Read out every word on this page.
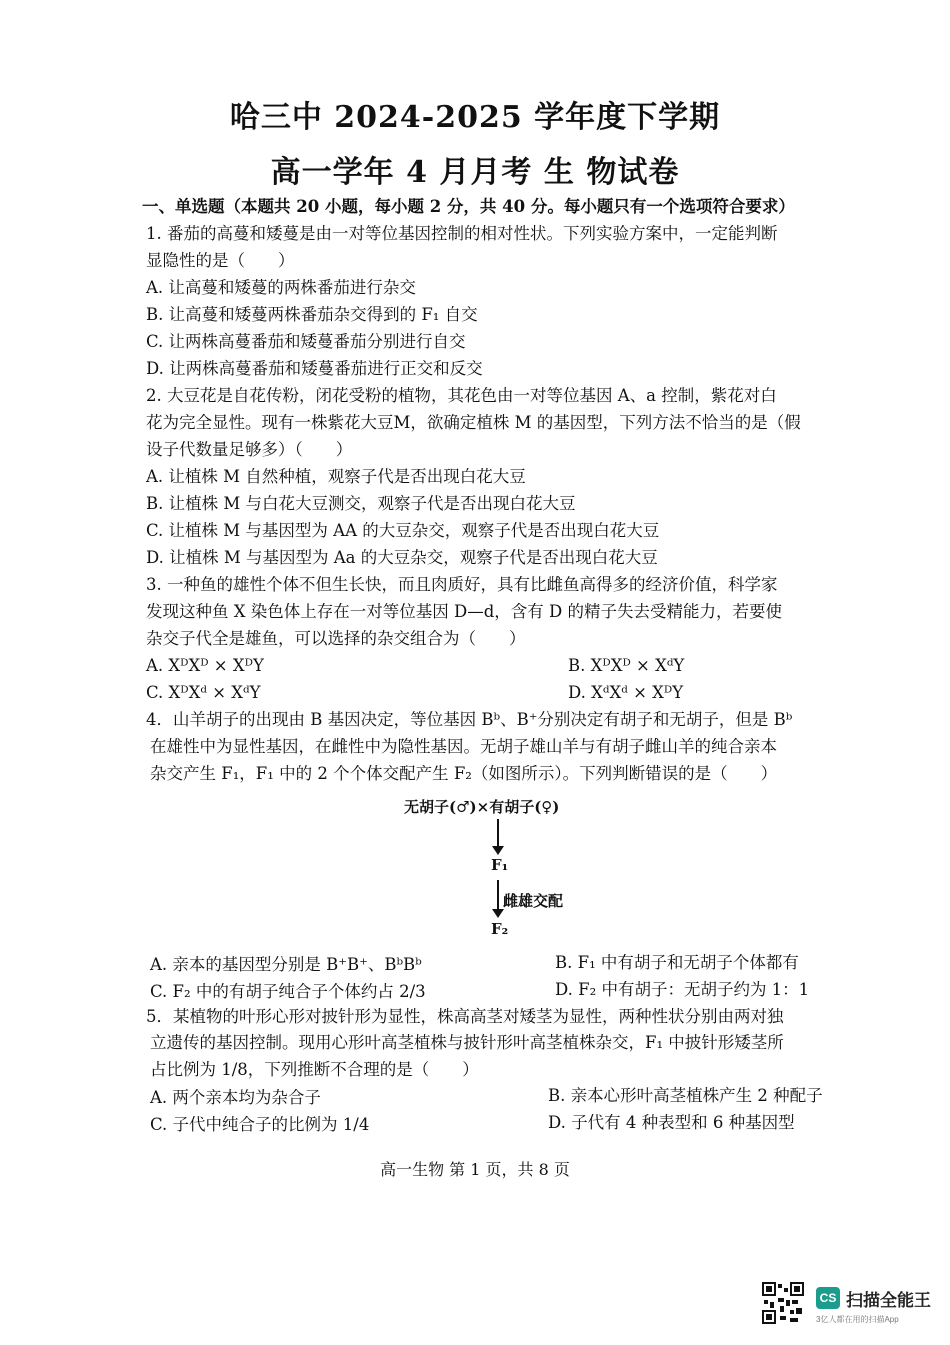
哈三中 2024-2025 学年度下学期
高一学年 4 月月考 生 物试卷
一、单选题（本题共 20 小题，每小题 2 分，共 40 分。每小题只有一个选项符合要求）
1. 番茄的高蔓和矮蔓是由一对等位基因控制的相对性状。下列实验方案中，一定能判断
显隐性的是（　　）
A. 让高蔓和矮蔓的两株番茄进行杂交
B. 让高蔓和矮蔓两株番茄杂交得到的 F₁ 自交
C. 让两株高蔓番茄和矮蔓番茄分别进行自交
D. 让两株高蔓番茄和矮蔓番茄进行正交和反交
2. 大豆花是自花传粉，闭花受粉的植物，其花色由一对等位基因 A、a 控制，紫花对白
花为完全显性。现有一株紫花大豆M，欲确定植株 M 的基因型，下列方法不恰当的是（假
设子代数量足够多）（　　）
A. 让植株 M 自然种植，观察子代是否出现白花大豆
B. 让植株 M 与白花大豆测交，观察子代是否出现白花大豆
C. 让植株 M 与基因型为 AA 的大豆杂交，观察子代是否出现白花大豆
D. 让植株 M 与基因型为 Aa 的大豆杂交，观察子代是否出现白花大豆
3. 一种鱼的雄性个体不但生长快，而且肉质好，具有比雌鱼高得多的经济价值，科学家
发现这种鱼 X 染色体上存在一对等位基因 D—d，含有 D 的精子失去受精能力，若要使
杂交子代全是雄鱼，可以选择的杂交组合为（　　）
A. XᴰXᴰ × XᴰY	B. XᴰXᴰ × XᵈY
C. XᴰXᵈ × XᵈY	D. XᵈXᵈ × XᴰY
4．山羊胡子的出现由 B 基因决定，等位基因 Bᵇ、B⁺分别决定有胡子和无胡子，但是 Bᵇ
在雄性中为显性基因，在雌性中为隐性基因。无胡子雄山羊与有胡子雌山羊的纯合亲本
杂交产生 F₁，F₁ 中的 2 个个体交配产生 F₂（如图所示）。下列判断错误的是（　　）
无胡子(♂)×有胡子(♀)
F₁
雌雄交配
F₂
A. 亲本的基因型分别是 B⁺B⁺、BᵇBᵇ	B. F₁ 中有胡子和无胡子个体都有
C. F₂ 中的有胡子纯合子个体约占 2/3	D. F₂ 中有胡子：无胡子约为 1：1
5．某植物的叶形心形对披针形为显性，株高高茎对矮茎为显性，两种性状分别由两对独
立遗传的基因控制。现用心形叶高茎植株与披针形叶高茎植株杂交，F₁ 中披针形矮茎所
占比例为 1/8，下列推断不合理的是（　　）
A. 两个亲本均为杂合子	B. 亲本心形叶高茎植株产生 2 种配子
C. 子代中纯合子的比例为 1/4	D. 子代有 4 种表型和 6 种基因型
高一生物 第 1 页，共 8 页
CS 扫描全能王
3亿人都在用的扫描App
